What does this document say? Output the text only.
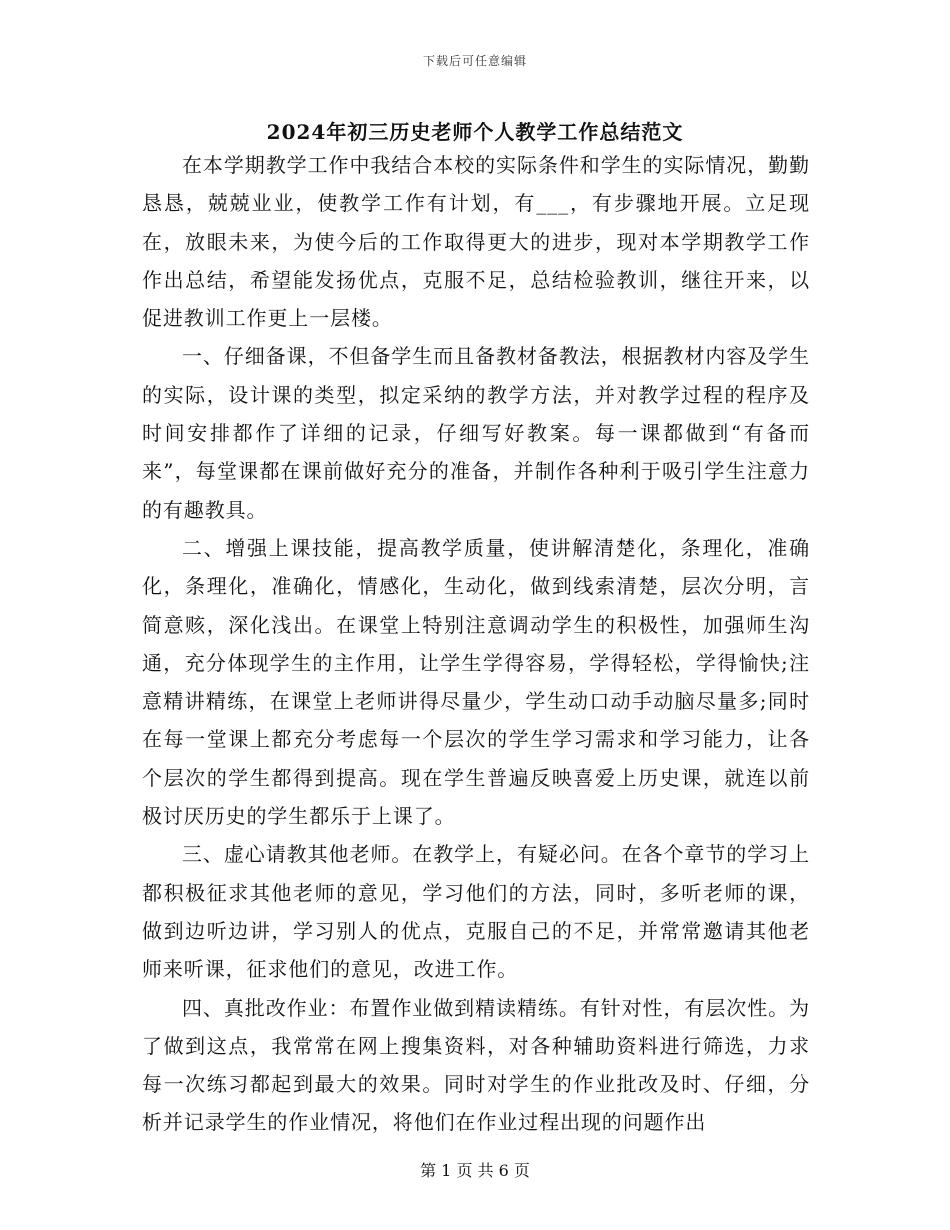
下载后可任意编辑
2024年初三历史老师个人教学工作总结范文

在本学期教学工作中我结合本校的实际条件和学生的实际情况，勤勤恳恳，兢兢业业，使教学工作有计划，有___，有步骤地开展。立足现在，放眼未来，为使今后的工作取得更大的进步，现对本学期教学工作作出总结，希望能发扬优点，克服不足，总结检验教训，继往开来，以促进教训工作更上一层楼。

一、仔细备课，不但备学生而且备教材备教法，根据教材内容及学生的实际，设计课的类型，拟定采纳的教学方法，并对教学过程的程序及时间安排都作了详细的记录，仔细写好教案。每一课都做到“有备而来”，每堂课都在课前做好充分的准备，并制作各种利于吸引学生注意力的有趣教具。

二、增强上课技能，提高教学质量，使讲解清楚化，条理化，准确化，条理化，准确化，情感化，生动化，做到线索清楚，层次分明，言简意赅，深化浅出。在课堂上特别注意调动学生的积极性，加强师生沟通，充分体现学生的主作用，让学生学得容易，学得轻松，学得愉快;注意精讲精练，在课堂上老师讲得尽量少，学生动口动手动脑尽量多;同时在每一堂课上都充分考虑每一个层次的学生学习需求和学习能力，让各个层次的学生都得到提高。现在学生普遍反映喜爱上历史课，就连以前极讨厌历史的学生都乐于上课了。

三、虚心请教其他老师。在教学上，有疑必问。在各个章节的学习上都积极征求其他老师的意见，学习他们的方法，同时，多听老师的课，做到边听边讲，学习别人的优点，克服自己的不足，并常常邀请其他老师来听课，征求他们的意见，改进工作。

四、真批改作业：布置作业做到精读精练。有针对性，有层次性。为了做到这点，我常常在网上搜集资料，对各种辅助资料进行筛选，力求每一次练习都起到最大的效果。同时对学生的作业批改及时、仔细，分析并记录学生的作业情况，将他们在作业过程出现的问题作出

第 1 页 共 6 页
